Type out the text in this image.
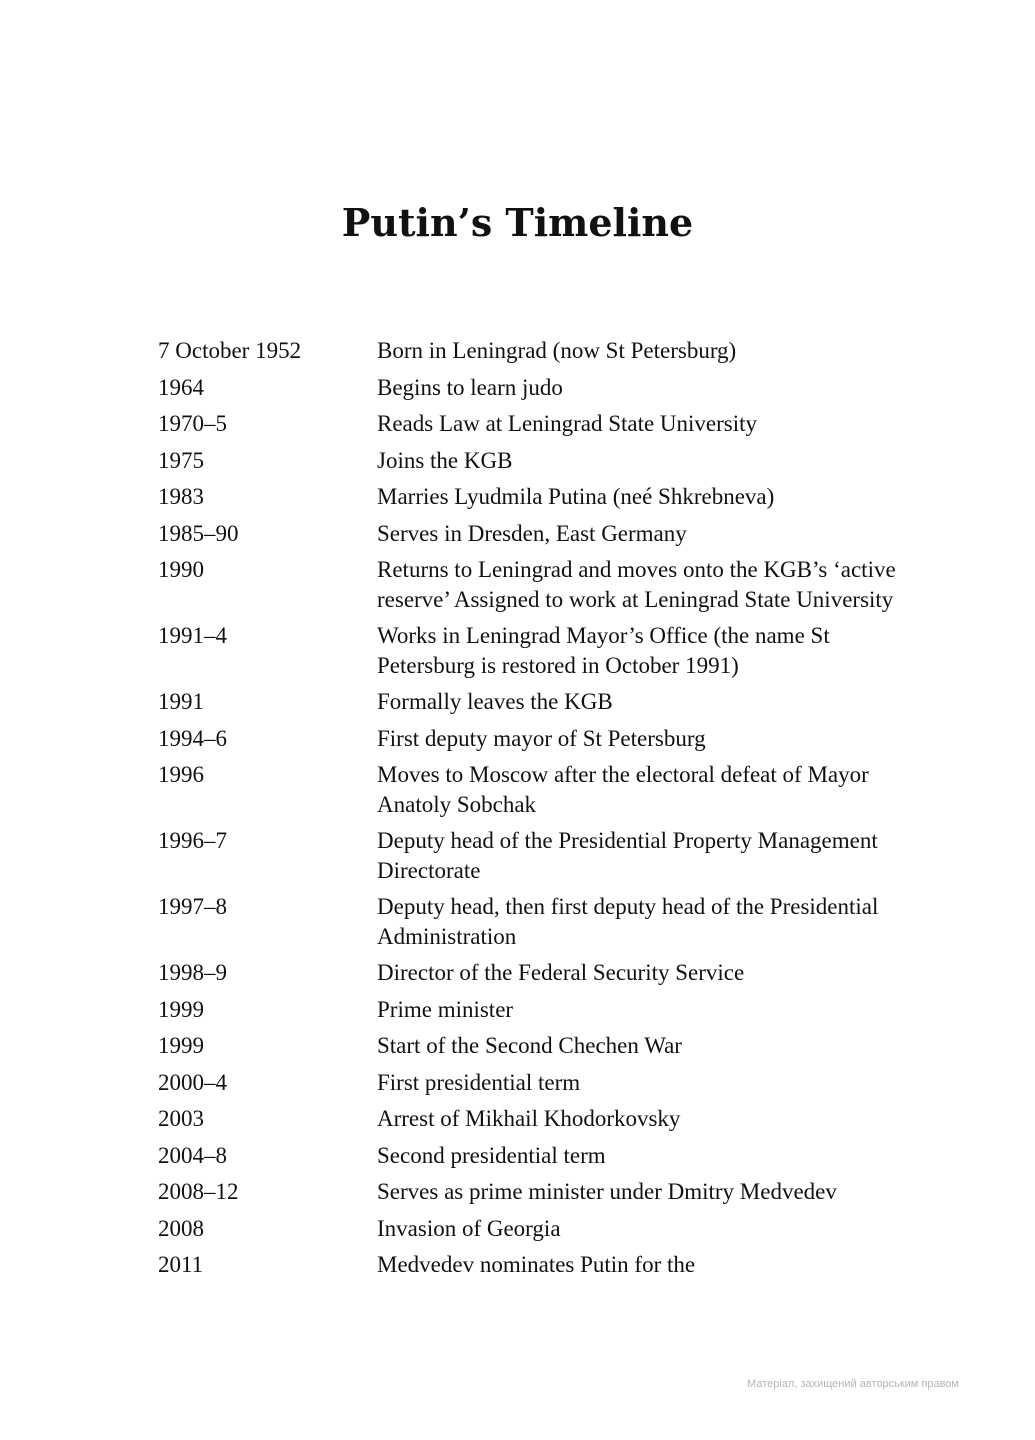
Putin’s Timeline
7 October 1952	Born in Leningrad (now St Petersburg)
1964	Begins to learn judo
1970–5	Reads Law at Leningrad State University
1975	Joins the KGB
1983	Marries Lyudmila Putina (neé Shkrebneva)
1985–90	Serves in Dresden, East Germany
1990	Returns to Leningrad and moves onto the KGB’s ‘active reserve’ Assigned to work at Leningrad State University
1991–4	Works in Leningrad Mayor’s Office (the name St Petersburg is restored in October 1991)
1991	Formally leaves the KGB
1994–6	First deputy mayor of St Petersburg
1996	Moves to Moscow after the electoral defeat of Mayor Anatoly Sobchak
1996–7	Deputy head of the Presidential Property Management Directorate
1997–8	Deputy head, then first deputy head of the Presidential Administration
1998–9	Director of the Federal Security Service
1999	Prime minister
1999	Start of the Second Chechen War
2000–4	First presidential term
2003	Arrest of Mikhail Khodorkovsky
2004–8	Second presidential term
2008–12	Serves as prime minister under Dmitry Medvedev
2008	Invasion of Georgia
2011	Medvedev nominates Putin for the
Матеріал, захищений авторським правом
